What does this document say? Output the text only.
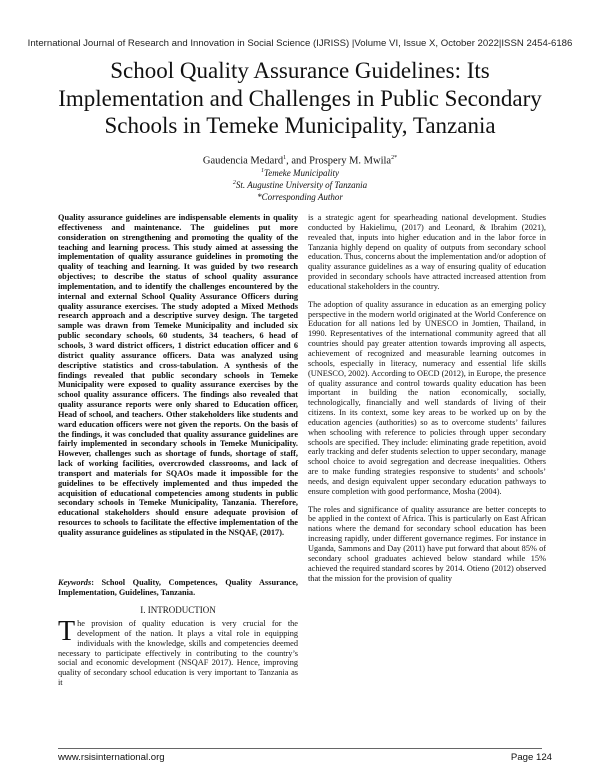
International Journal of Research and Innovation in Social Science (IJRISS) |Volume VI, Issue X, October 2022|ISSN 2454-6186
School Quality Assurance Guidelines: Its Implementation and Challenges in Public Secondary Schools in Temeke Municipality, Tanzania
Gaudencia Medard$^1$, and Prospery M. Mwila$^{2*}$
$^1$Temeke Municipality
$^2$St. Augustine University of Tanzania
*Corresponding Author

Quality assurance guidelines are indispensable elements in quality effectiveness and maintenance. The guidelines put more consideration on strengthening and promoting the quality of the teaching and learning process. This study aimed at assessing the implementation of quality assurance guidelines in promoting the quality of teaching and learning. It was guided by two research objectives; to describe the status of school quality assurance implementation, and to identify the challenges encountered by the internal and external School Quality Assurance Officers during quality assurance exercises. The study adopted a Mixed Methods research approach and a descriptive survey design. The targeted sample was drawn from Temeke Municipality and included six public secondary schools, 60 students, 34 teachers, 6 head of schools, 3 ward district officers, 1 district education officer and 6 district quality assurance officers. Data was analyzed using descriptive statistics and cross-tabulation. A synthesis of the findings revealed that public secondary schools in Temeke Municipality were exposed to quality assurance exercises by the school quality assurance officers. The findings also revealed that quality assurance reports were only shared to Education officer, Head of school, and teachers. Other stakeholders like students and ward education officers were not given the reports. On the basis of the findings, it was concluded that quality assurance guidelines are fairly implemented in secondary schools in Temeke Municipality. However, challenges such as shortage of funds, shortage of staff, lack of working facilities, overcrowded classrooms, and lack of transport and materials for SQAOs made it impossible for the guidelines to be effectively implemented and thus impeded the acquisition of educational competencies among students in public secondary schools in Temeke Municipality, Tanzania. Therefore, educational stakeholders should ensure adequate provision of resources to schools to facilitate the effective implementation of the quality assurance guidelines as stipulated in the NSQAF, (2017).

Keywords: School Quality, Competences, Quality Assurance, Implementation, Guidelines, Tanzania.

I. INTRODUCTION

The provision of quality education is very crucial for the development of the nation. It plays a vital role in equipping individuals with the knowledge, skills and competencies deemed necessary to participate effectively in contributing to the country’s social and economic development (NSQAF 2017). Hence, improving quality of secondary school education is very important to Tanzania as it

is a strategic agent for spearheading national development. Studies conducted by Hakielimu, (2017) and Leonard, & Ibrahim (2021), revealed that, inputs into higher education and in the labor force in Tanzania highly depend on quality of outputs from secondary school education. Thus, concerns about the implementation and/or adoption of quality assurance guidelines as a way of ensuring quality of education provided in secondary schools have attracted increased attention from educational stakeholders in the country.

The adoption of quality assurance in education as an emerging policy perspective in the modern world originated at the World Conference on Education for all nations led by UNESCO in Jomtien, Thailand, in 1990. Representatives of the international community agreed that all countries should pay greater attention towards improving all aspects, achievement of recognized and measurable learning outcomes in schools, especially in literacy, numeracy and essential life skills (UNESCO, 2002). According to OECD (2012), in Europe, the presence of quality assurance and control towards quality education has been important in building the nation economically, socially, technologically, financially and well standards of living of their citizens. In its context, some key areas to be worked up on by the education agencies (authorities) so as to overcome students’ failures when schooling with reference to policies through upper secondary schools are specified. They include: eliminating grade repetition, avoid early tracking and defer students selection to upper secondary, manage school choice to avoid segregation and decrease inequalities. Others are to make funding strategies responsive to students’ and schools’ needs, and design equivalent upper secondary education pathways to ensure completion with good performance, Mosha (2004).

The roles and significance of quality assurance are better concepts to be applied in the context of Africa. This is particularly on East African nations where the demand for secondary school education has been increasing rapidly, under different governance regimes. For instance in Uganda, Sammons and Day (2011) have put forward that about 85% of secondary school graduates achieved below standard while 15% achieved the required standard scores by 2014. Otieno (2012) observed that the mission for the provision of quality

www.rsisinternational.org	Page 124
